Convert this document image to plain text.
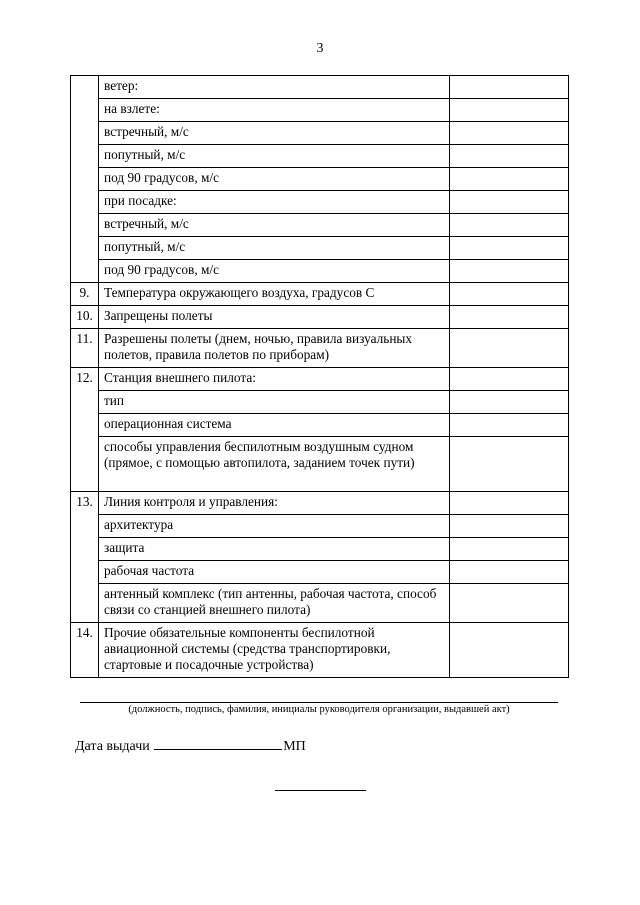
3
	ветер:	
	на взлете:	
	встречный, м/с	
	попутный, м/с	
	под 90 градусов, м/с	
	при посадке:	
	встречный, м/с	
	попутный, м/с	
	под 90 градусов, м/с	
9.	Температура окружающего воздуха, градусов С	
10.	Запрещены полеты	
11.	Разрешены полеты (днем, ночью, правила визуальных полетов, правила полетов по приборам)	
12.	Станция внешнего пилота:	
	тип	
	операционная система	
	способы управления беспилотным воздушным судном (прямое, с помощью автопилота, заданием точек пути)	
13.	Линия контроля и управления:	
	архитектура	
	защита	
	рабочая частота	
	антенный комплекс (тип антенны, рабочая частота, способ связи со станцией внешнего пилота)	
14.	Прочие обязательные компоненты беспилотной авиационной системы (средства транспортировки, стартовые и посадочные устройства)	
(должность, подпись, фамилия, инициалы руководителя организации, выдавшей акт)
Дата выдачи	МП
